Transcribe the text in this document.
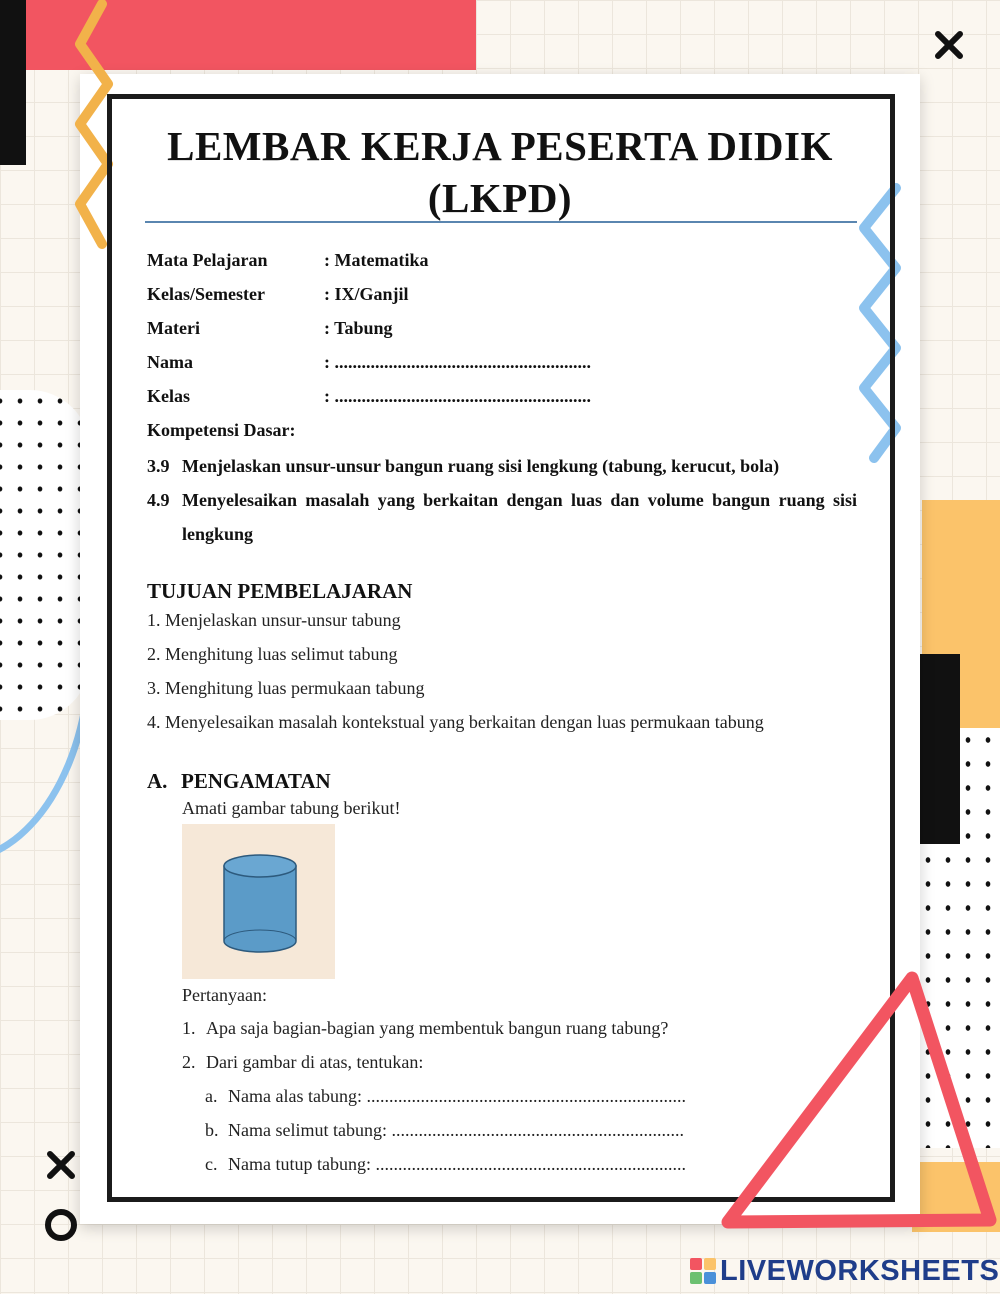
LEMBAR KERJA PESERTA DIDIK
(LKPD)
Mata Pelajaran	: Matematika
Kelas/Semester	: IX/Ganjil
Materi	: Tabung
Nama	: .........................................................
Kelas	: .........................................................
Kompetensi Dasar:
3.9 Menjelaskan unsur-unsur bangun ruang sisi lengkung (tabung, kerucut, bola)
4.9 Menyelesaikan masalah yang berkaitan dengan luas dan volume bangun ruang sisi lengkung
TUJUAN PEMBELAJARAN
1. Menjelaskan unsur-unsur tabung
2. Menghitung luas selimut tabung
3. Menghitung luas permukaan tabung
4. Menyelesaikan masalah kontekstual yang berkaitan dengan luas permukaan tabung
A. PENGAMATAN
Amati gambar tabung berikut!
Pertanyaan:
1. Apa saja bagian-bagian yang membentuk bangun ruang tabung?
2. Dari gambar di atas, tentukan:
a. Nama alas tabung: .......................................................................
b. Nama selimut tabung: .................................................................
c. Nama tutup tabung: .....................................................................
LIVEWORKSHEETS
